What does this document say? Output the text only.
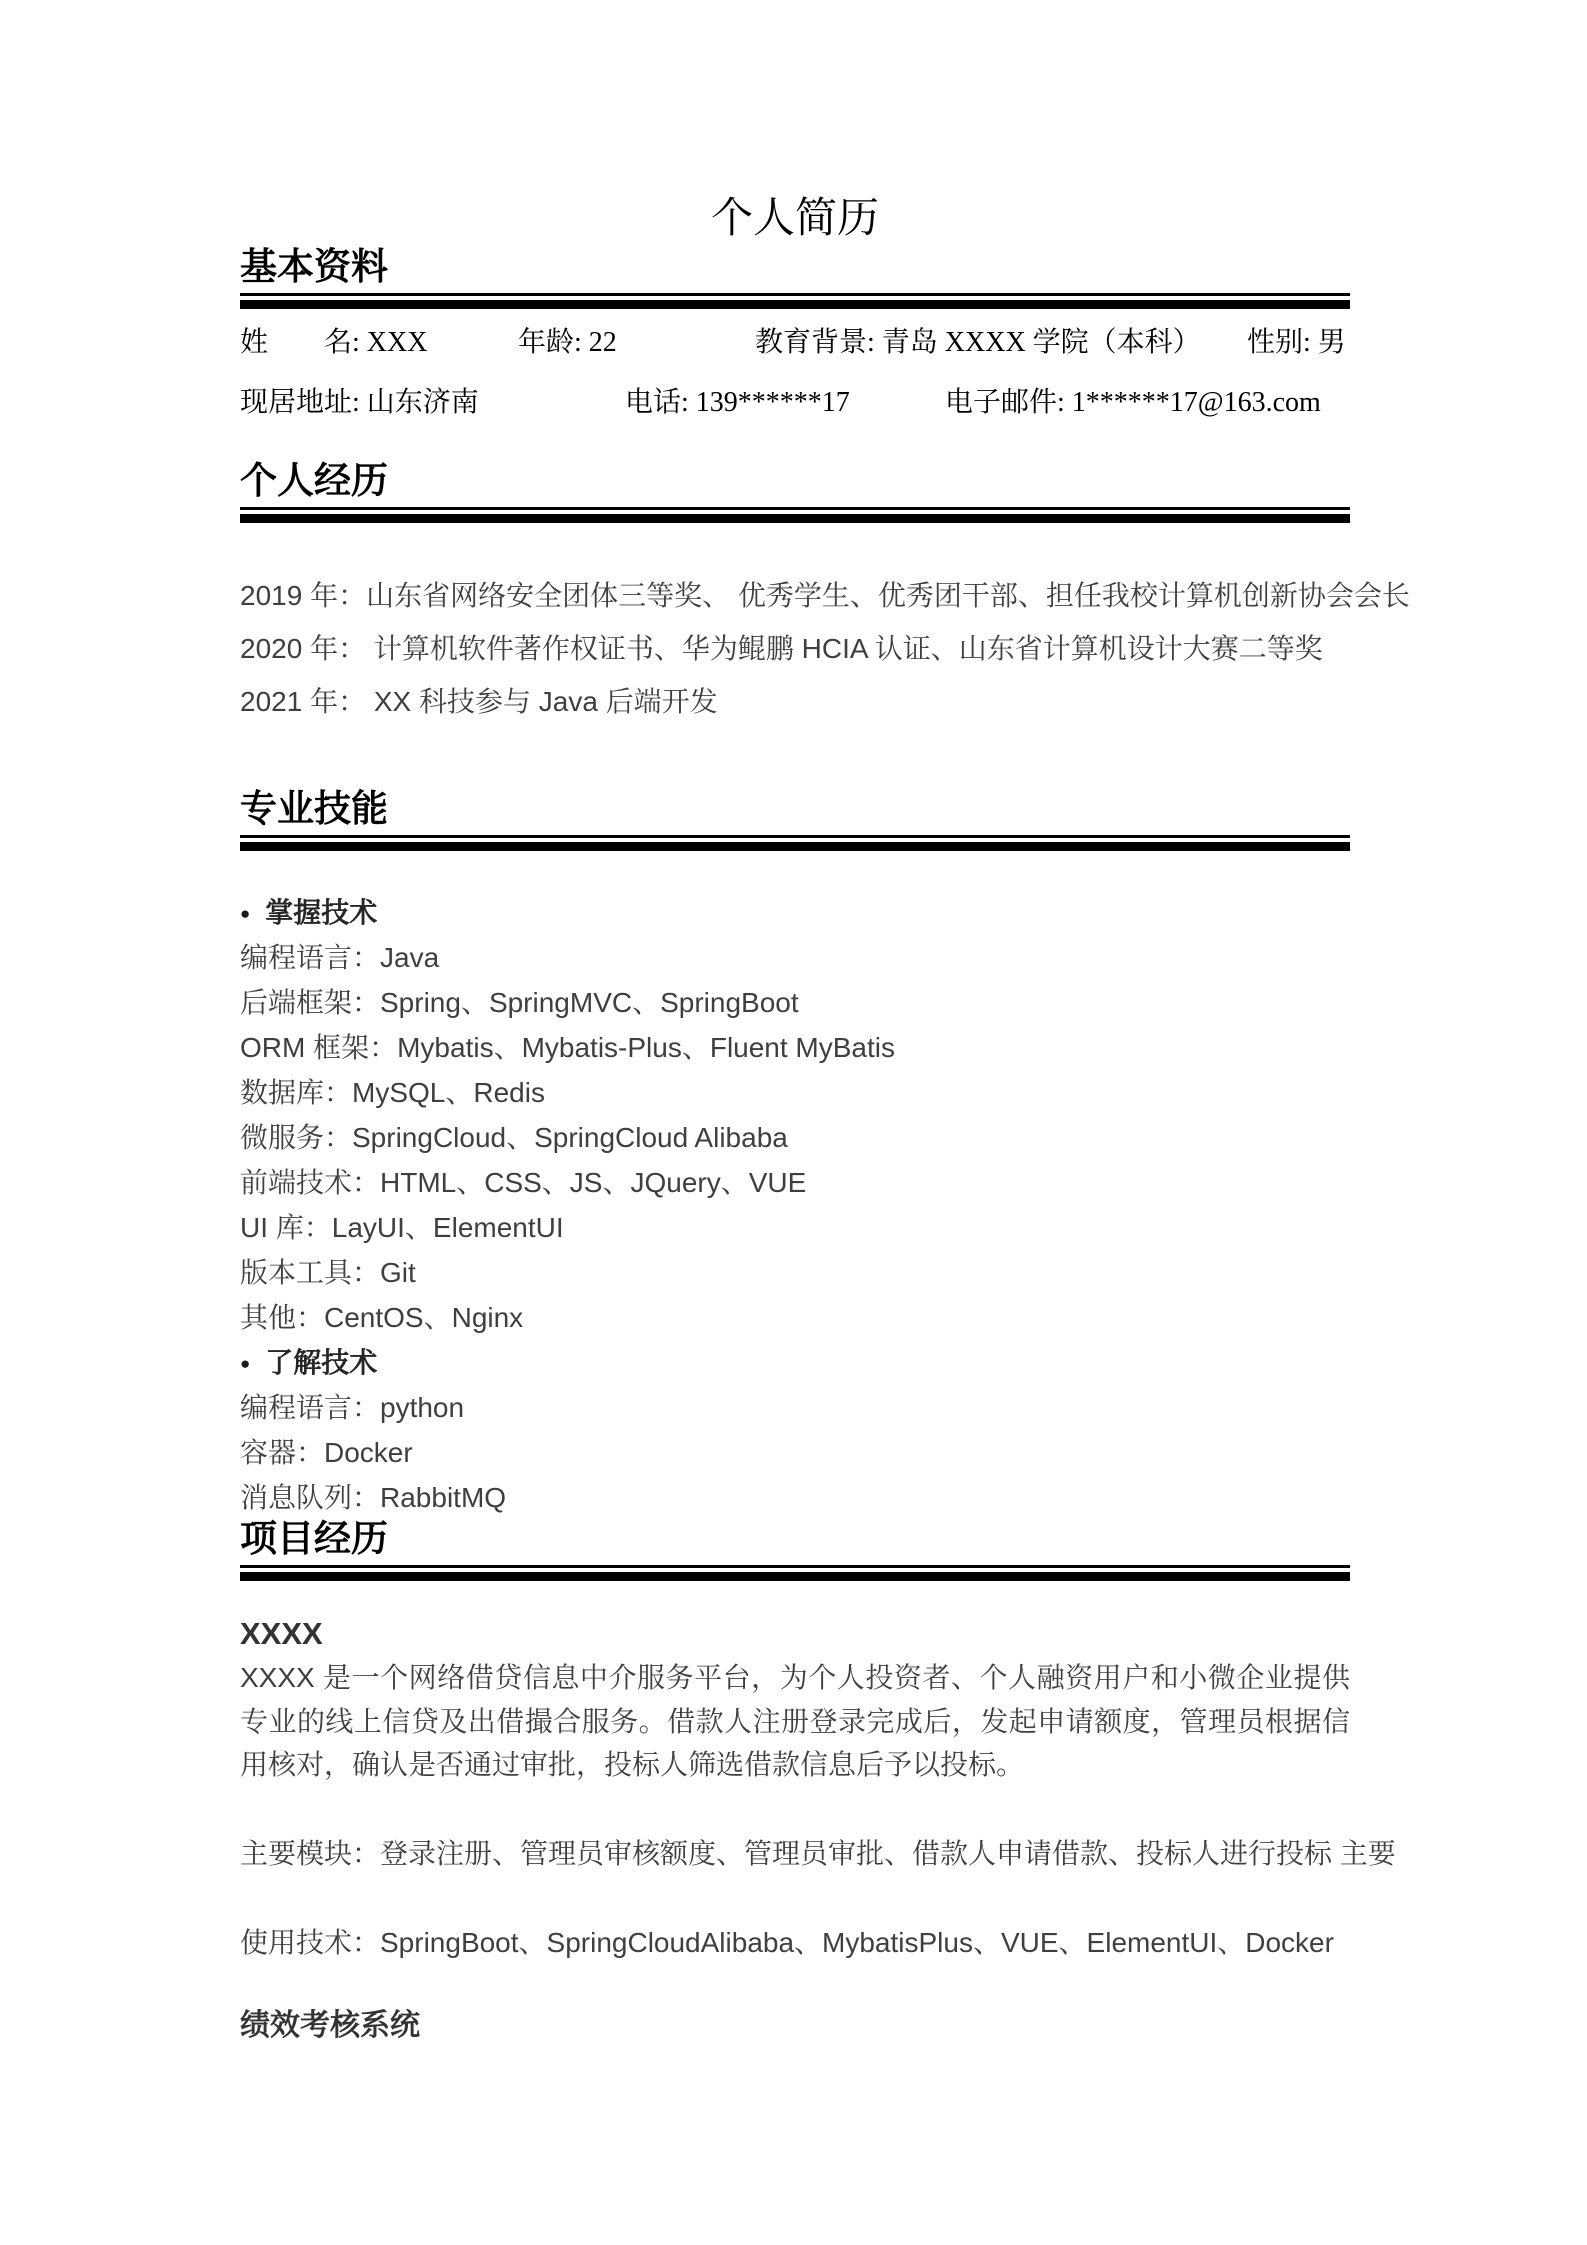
个人简历
基本资料
姓　　名: XXX	年龄: 22	教育背景: 青岛 XXXX 学院（本科） 性别: 男
现居地址: 山东济南	电话: 139******17	电子邮件: 1******17@163.com
个人经历
2019 年：山东省网络安全团体三等奖、 优秀学生、优秀团干部、担任我校计算机创新协会会长
2020 年： 计算机软件著作权证书、华为鲲鹏 HCIA 认证、山东省计算机设计大赛二等奖
2021 年： XX 科技参与 Java 后端开发
专业技能
● 掌握技术
编程语言：Java
后端框架：Spring、SpringMVC、SpringBoot
ORM 框架：Mybatis、Mybatis-Plus、Fluent MyBatis
数据库：MySQL、Redis
微服务：SpringCloud、SpringCloud Alibaba
前端技术：HTML、CSS、JS、JQuery、VUE
UI 库：LayUI、ElementUI
版本工具：Git
其他：CentOS、Nginx
● 了解技术
编程语言：python
容器：Docker
消息队列：RabbitMQ
项目经历
XXXX
XXXX 是一个网络借贷信息中介服务平台，为个人投资者、个人融资用户和小微企业提供专业的线上信贷及出借撮合服务。借款人注册登录完成后，发起申请额度，管理员根据信用核对，确认是否通过审批，投标人筛选借款信息后予以投标。
主要模块：登录注册、管理员审核额度、管理员审批、借款人申请借款、投标人进行投标 主要
使用技术：SpringBoot、SpringCloudAlibaba、MybatisPlus、VUE、ElementUI、Docker
绩效考核系统
